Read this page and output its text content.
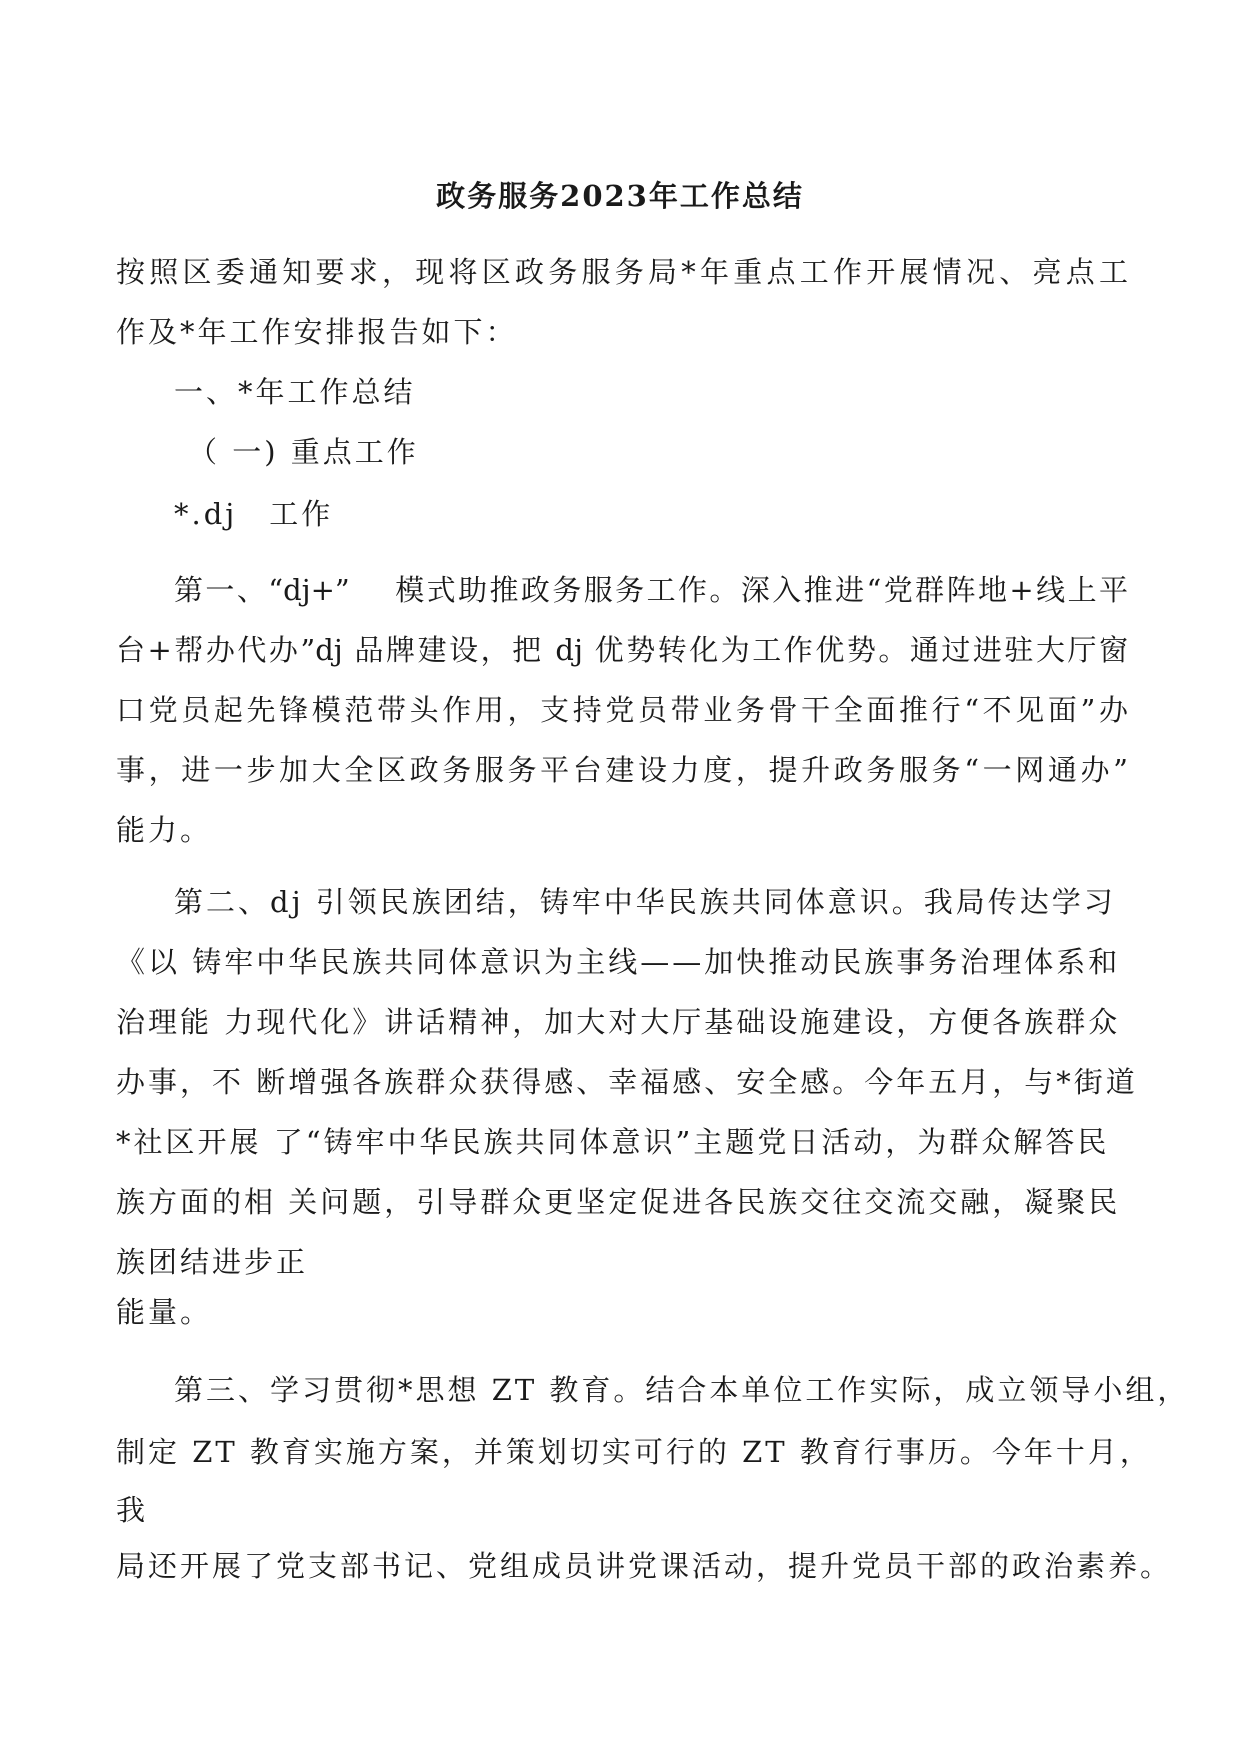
政务服务2023年工作总结
按照区委通知要求，现将区政务服务局*年重点工作开展情况、亮点工
作及*年工作安排报告如下：
一、*年工作总结
（ 一) 重点工作
*.dj　工作
第一、“dj+”　 模式助推政务服务工作。深入推进“党群阵地+线上平
台+帮办代办”dj 品牌建设，把 dj 优势转化为工作优势。通过进驻大厅窗
口党员起先锋模范带头作用，支持党员带业务骨干全面推行“不见面”办
事，进一步加大全区政务服务平台建设力度，提升政务服务“一网通办”
能力。
第二、dj 引领民族团结，铸牢中华民族共同体意识。我局传达学习
《以 铸牢中华民族共同体意识为主线——加快推动民族事务治理体系和
治理能 力现代化》讲话精神，加大对大厅基础设施建设，方便各族群众
办事，不 断增强各族群众获得感、幸福感、安全感。今年五月，与*街道
*社区开展 了“铸牢中华民族共同体意识”主题党日活动，为群众解答民
族方面的相 关问题，引导群众更坚定促进各民族交往交流交融，凝聚民
族团结进步正
能量。
第三、学习贯彻*思想 ZT 教育。结合本单位工作实际，成立领导小组，
制定 ZT 教育实施方案，并策划切实可行的 ZT 教育行事历。今年十月，
我
局还开展了党支部书记、党组成员讲党课活动，提升党员干部的政治素养。
